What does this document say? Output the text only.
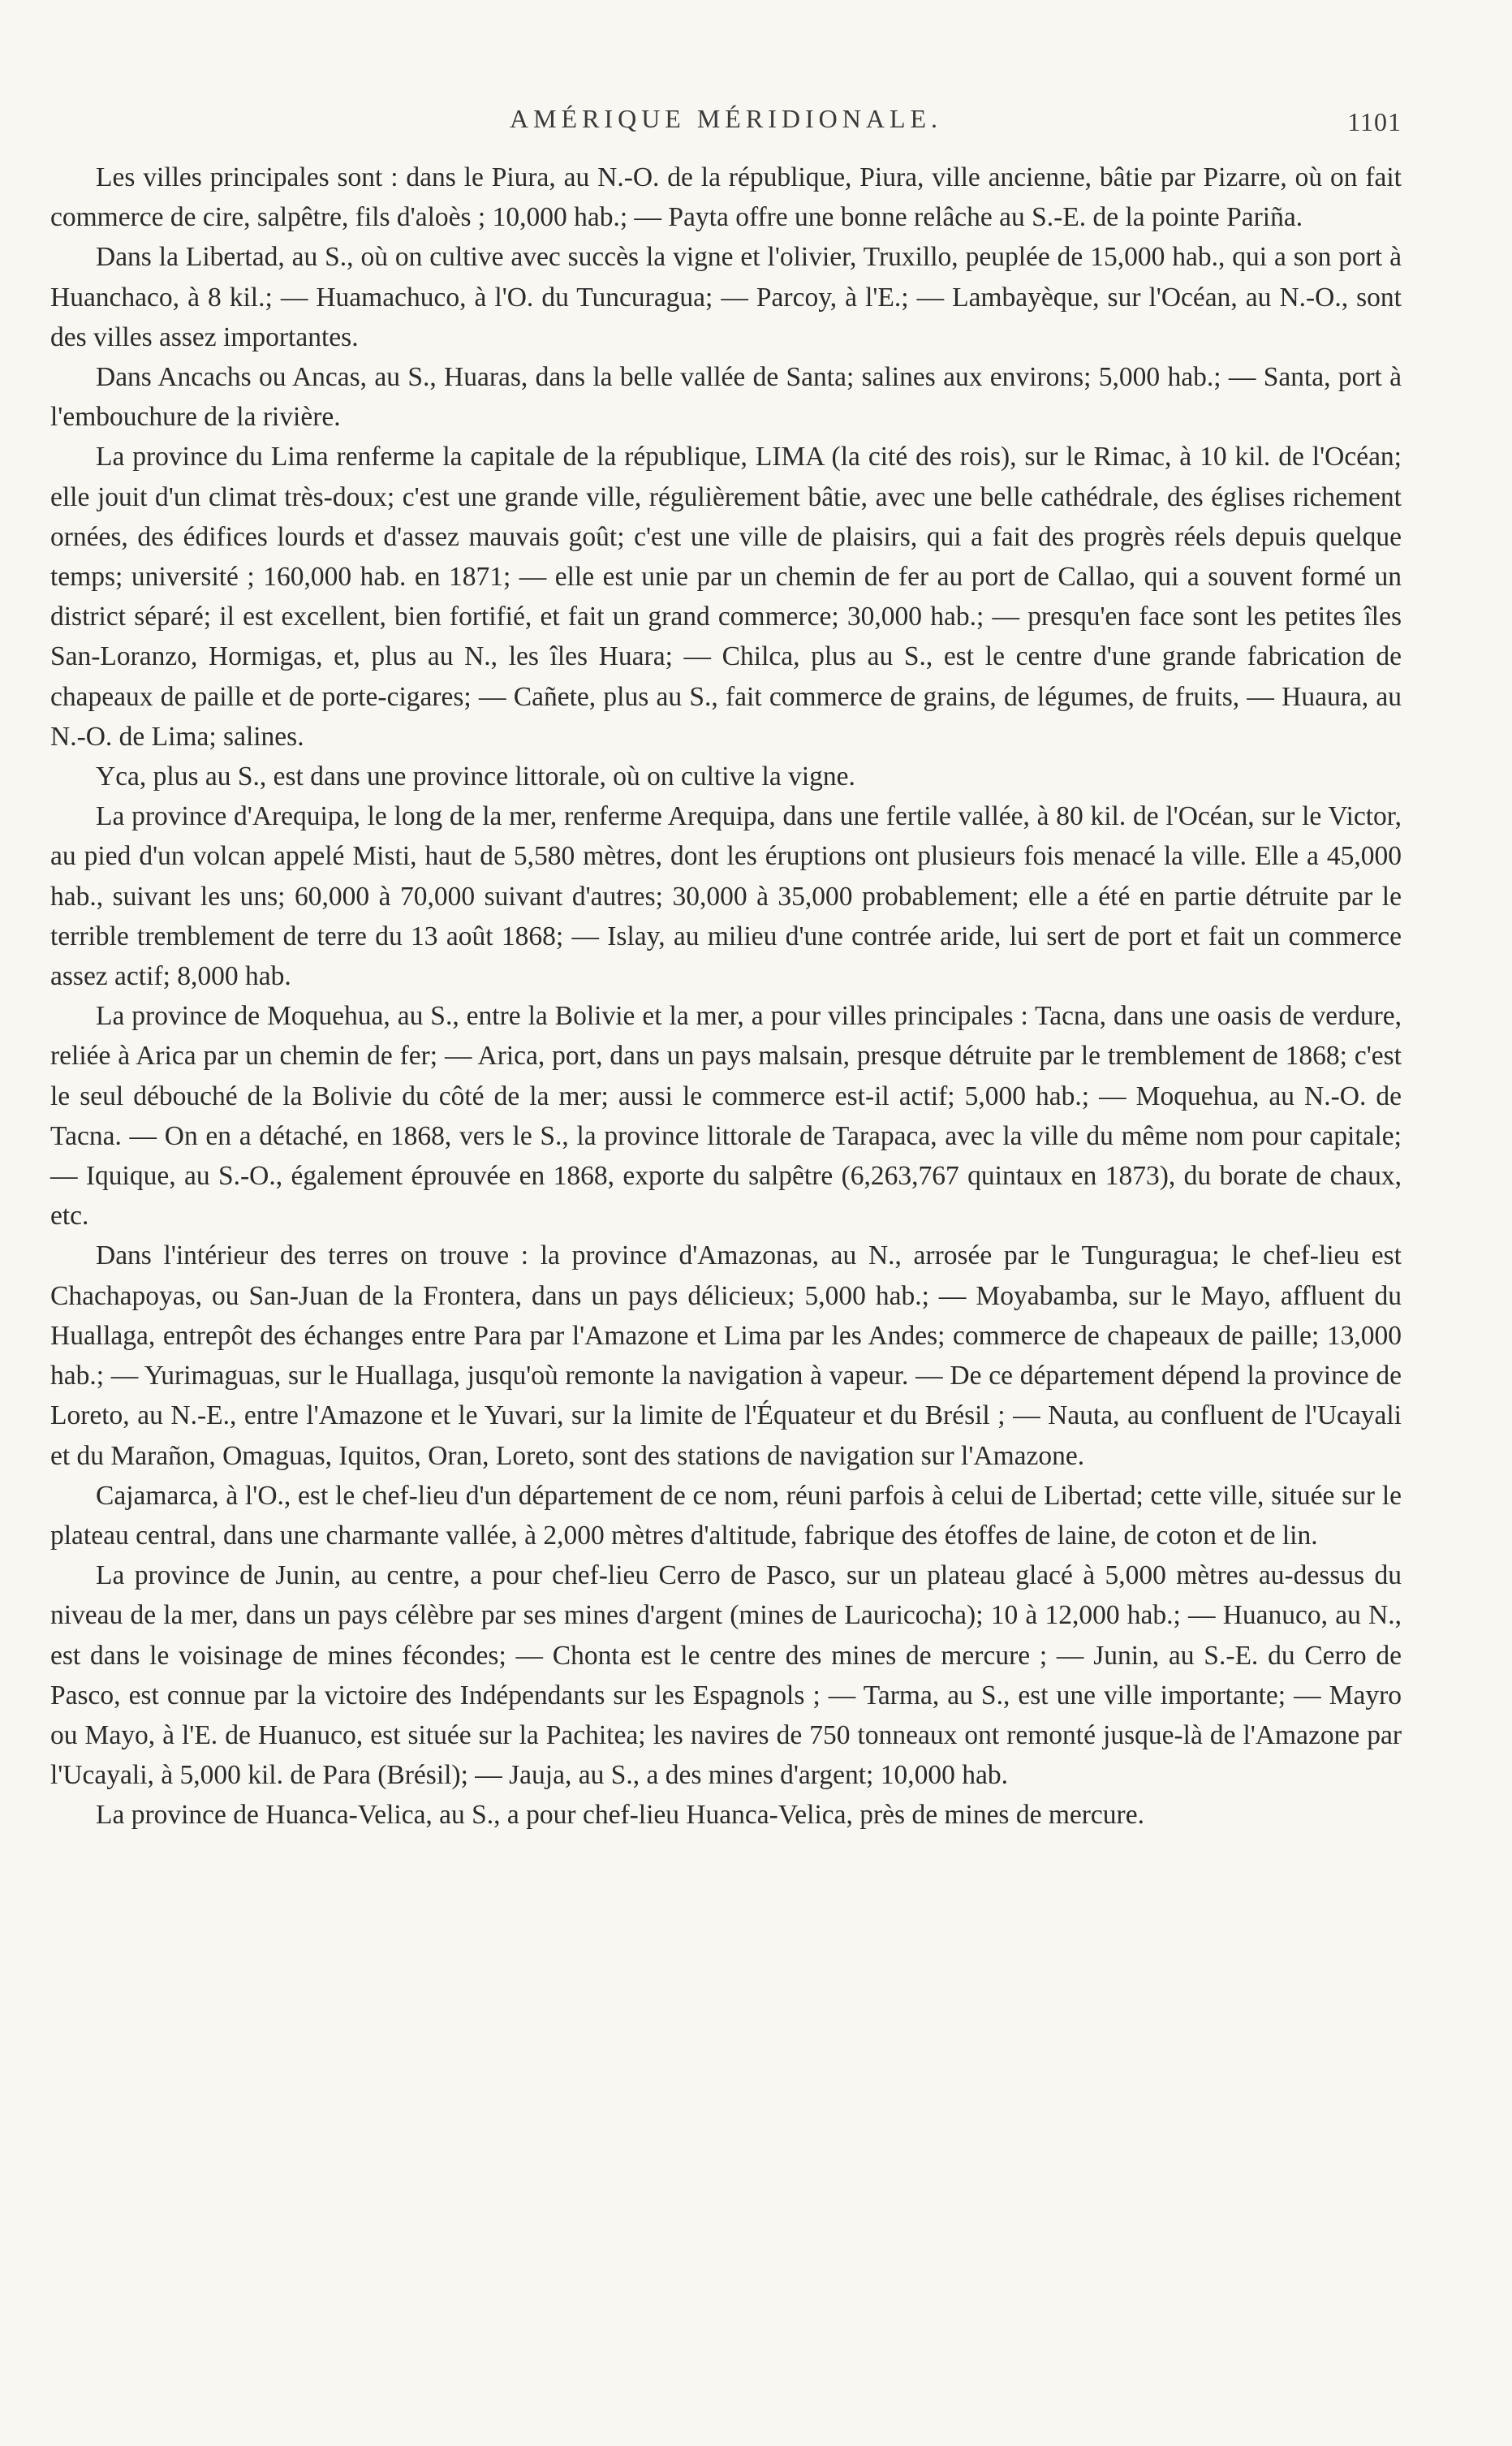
AMÉRIQUE MÉRIDIONALE.	1101

Les villes principales sont : dans le Piura, au N.-O. de la république, Piura, ville ancienne, bâtie par Pizarre, où on fait commerce de cire, salpêtre, fils d'aloès ; 10,000 hab.; — Payta offre une bonne relâche au S.-E. de la pointe Pariña.

Dans la Libertad, au S., où on cultive avec succès la vigne et l'olivier, Truxillo, peuplée de 15,000 hab., qui a son port à Huanchaco, à 8 kil.; — Huamachuco, à l'O. du Tuncuragua; — Parcoy, à l'E.; — Lambayèque, sur l'Océan, au N.-O., sont des villes assez importantes.

Dans Ancachs ou Ancas, au S., Huaras, dans la belle vallée de Santa; salines aux environs; 5,000 hab.; — Santa, port à l'embouchure de la rivière.

La province du Lima renferme la capitale de la république, LIMA (la cité des rois), sur le Rimac, à 10 kil. de l'Océan; elle jouit d'un climat très-doux; c'est une grande ville, régulièrement bâtie, avec une belle cathédrale, des églises richement ornées, des édifices lourds et d'assez mauvais goût; c'est une ville de plaisirs, qui a fait des progrès réels depuis quelque temps; université ; 160,000 hab. en 1871; — elle est unie par un chemin de fer au port de Callao, qui a souvent formé un district séparé; il est excellent, bien fortifié, et fait un grand commerce; 30,000 hab.; — presqu'en face sont les petites îles San-Loranzo, Hormigas, et, plus au N., les îles Huara; — Chilca, plus au S., est le centre d'une grande fabrication de chapeaux de paille et de porte-cigares; — Cañete, plus au S., fait commerce de grains, de légumes, de fruits, — Huaura, au N.-O. de Lima; salines.

Yca, plus au S., est dans une province littorale, où on cultive la vigne.

La province d'Arequipa, le long de la mer, renferme Arequipa, dans une fertile vallée, à 80 kil. de l'Océan, sur le Victor, au pied d'un volcan appelé Misti, haut de 5,580 mètres, dont les éruptions ont plusieurs fois menacé la ville. Elle a 45,000 hab., suivant les uns; 60,000 à 70,000 suivant d'autres; 30,000 à 35,000 probablement; elle a été en partie détruite par le terrible tremblement de terre du 13 août 1868; — Islay, au milieu d'une contrée aride, lui sert de port et fait un commerce assez actif; 8,000 hab.

La province de Moquehua, au S., entre la Bolivie et la mer, a pour villes principales : Tacna, dans une oasis de verdure, reliée à Arica par un chemin de fer; — Arica, port, dans un pays malsain, presque détruite par le tremblement de 1868; c'est le seul débouché de la Bolivie du côté de la mer; aussi le commerce est-il actif; 5,000 hab.; — Moquehua, au N.-O. de Tacna. — On en a détaché, en 1868, vers le S., la province littorale de Tarapaca, avec la ville du même nom pour capitale; — Iquique, au S.-O., également éprouvée en 1868, exporte du salpêtre (6,263,767 quintaux en 1873), du borate de chaux, etc.

Dans l'intérieur des terres on trouve : la province d'Amazonas, au N., arrosée par le Tunguragua; le chef-lieu est Chachapoyas, ou San-Juan de la Frontera, dans un pays délicieux; 5,000 hab.; — Moyabamba, sur le Mayo, affluent du Huallaga, entrepôt des échanges entre Para par l'Amazone et Lima par les Andes; commerce de chapeaux de paille; 13,000 hab.; — Yurimaguas, sur le Huallaga, jusqu'où remonte la navigation à vapeur. — De ce département dépend la province de Loreto, au N.-E., entre l'Amazone et le Yuvari, sur la limite de l'Équateur et du Brésil ; — Nauta, au confluent de l'Ucayali et du Marañon, Omaguas, Iquitos, Oran, Loreto, sont des stations de navigation sur l'Amazone.

Cajamarca, à l'O., est le chef-lieu d'un département de ce nom, réuni parfois à celui de Libertad; cette ville, située sur le plateau central, dans une charmante vallée, à 2,000 mètres d'altitude, fabrique des étoffes de laine, de coton et de lin.

La province de Junin, au centre, a pour chef-lieu Cerro de Pasco, sur un plateau glacé à 5,000 mètres au-dessus du niveau de la mer, dans un pays célèbre par ses mines d'argent (mines de Lauricocha); 10 à 12,000 hab.; — Huanuco, au N., est dans le voisinage de mines fécondes; — Chonta est le centre des mines de mercure ; — Junin, au S.-E. du Cerro de Pasco, est connue par la victoire des Indépendants sur les Espagnols ; — Tarma, au S., est une ville importante; — Mayro ou Mayo, à l'E. de Huanuco, est située sur la Pachitea; les navires de 750 tonneaux ont remonté jusque-là de l'Amazone par l'Ucayali, à 5,000 kil. de Para (Brésil); — Jauja, au S., a des mines d'argent; 10,000 hab.

La province de Huanca-Velica, au S., a pour chef-lieu Huanca-Velica, près de mines de mercure.
